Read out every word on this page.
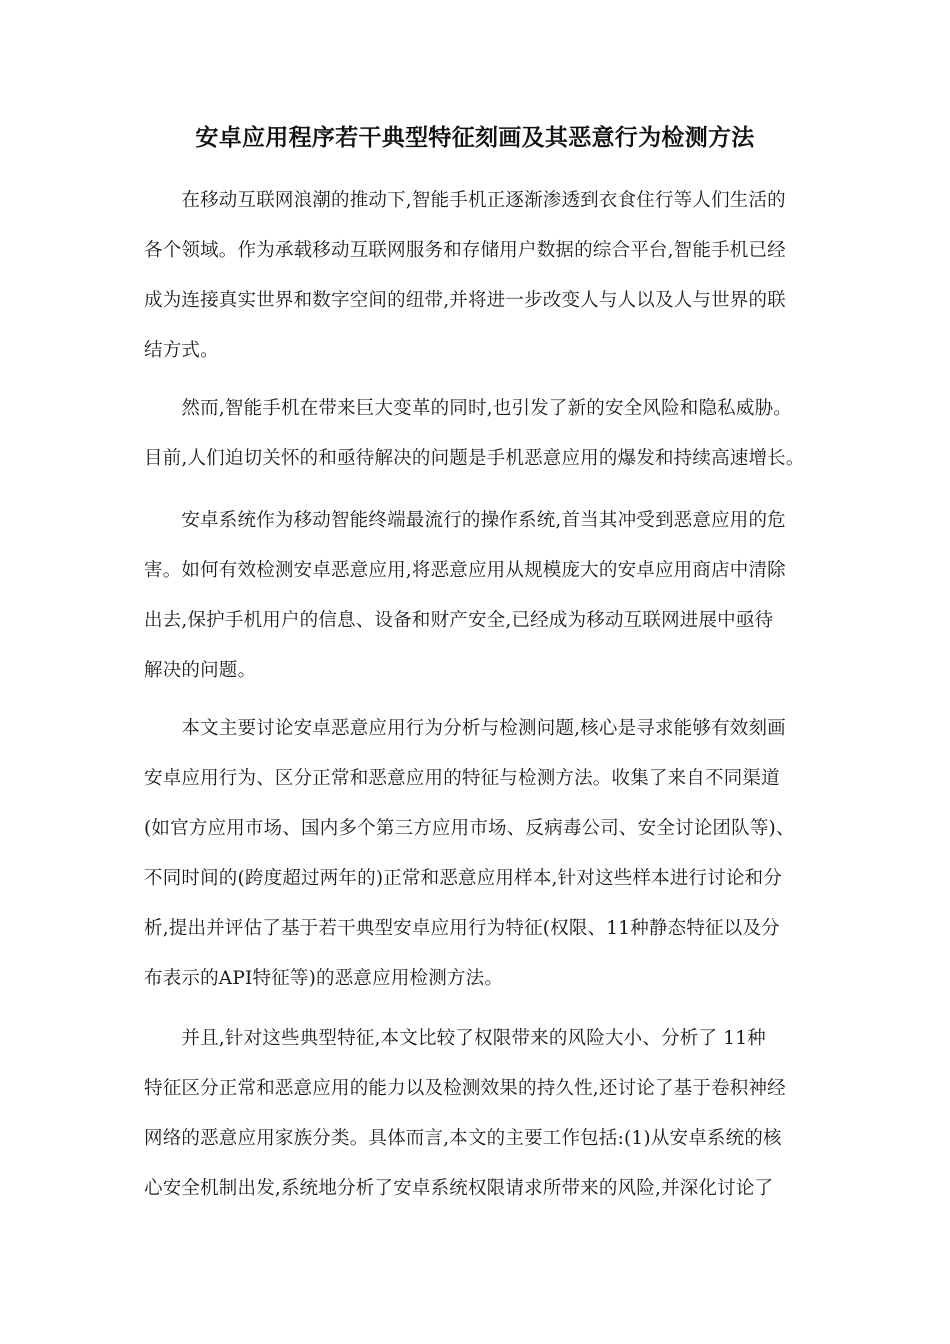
安卓应用程序若干典型特征刻画及其恶意行为检测方法
　　在移动互联网浪潮的推动下,智能手机正逐渐渗透到衣食住行等人们生活的
各个领域。作为承载移动互联网服务和存储用户数据的综合平台,智能手机已经
成为连接真实世界和数字空间的纽带,并将进一步改变人与人以及人与世界的联
结方式。
　　然而,智能手机在带来巨大变革的同时,也引发了新的安全风险和隐私威胁。
目前,人们迫切关怀的和亟待解决的问题是手机恶意应用的爆发和持续高速增长。
　　安卓系统作为移动智能终端最流行的操作系统,首当其冲受到恶意应用的危
害。如何有效检测安卓恶意应用,将恶意应用从规模庞大的安卓应用商店中清除
出去,保护手机用户的信息、设备和财产安全,已经成为移动互联网进展中亟待
解决的问题。
　　本文主要讨论安卓恶意应用行为分析与检测问题,核心是寻求能够有效刻画
安卓应用行为、区分正常和恶意应用的特征与检测方法。收集了来自不同渠道
(如官方应用市场、国内多个第三方应用市场、反病毒公司、安全讨论团队等)、
不同时间的(跨度超过两年的)正常和恶意应用样本,针对这些样本进行讨论和分
析,提出并评估了基于若干典型安卓应用行为特征(权限、11种静态特征以及分
布表示的API特征等)的恶意应用检测方法。
　　并且,针对这些典型特征,本文比较了权限带来的风险大小、分析了 11种
特征区分正常和恶意应用的能力以及检测效果的持久性,还讨论了基于卷积神经
网络的恶意应用家族分类。具体而言,本文的主要工作包括:(1)从安卓系统的核
心安全机制出发,系统地分析了安卓系统权限请求所带来的风险,并深化讨论了
